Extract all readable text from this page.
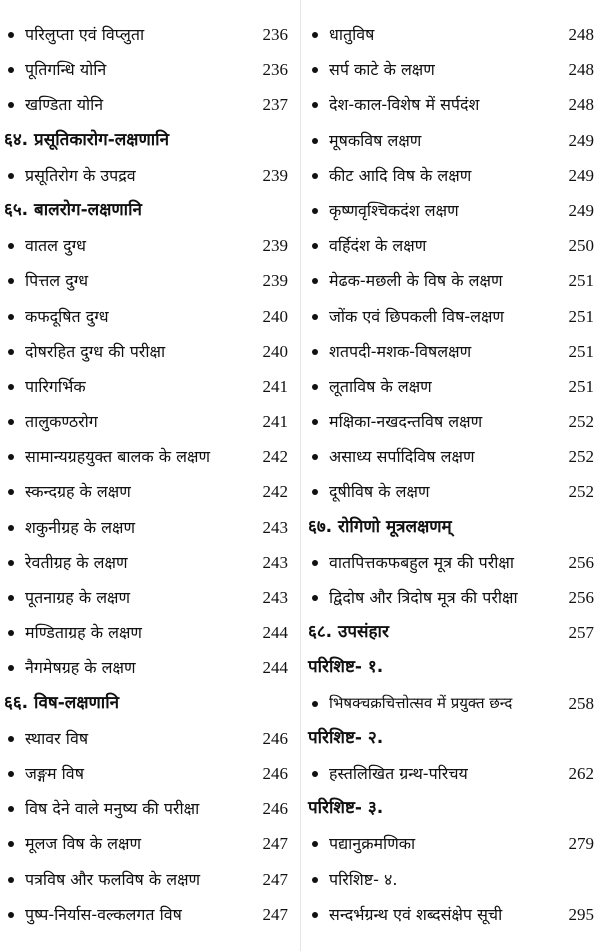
परिलुप्ता एवं विप्लुता	236
पूतिगन्धि योनि	236
खण्डिता योनि	237
६४. प्रसूतिकारोग-लक्षणानि
प्रसूतिरोग के उपद्रव	239
६५. बालरोग-लक्षणानि
वातल दुग्ध	239
पित्तल दुग्ध	239
कफदूषित दुग्ध	240
दोषरहित दुग्ध की परीक्षा	240
पारिगर्भिक	241
तालुकण्ठरोग	241
सामान्यग्रहयुक्त बालक के लक्षण	242
स्कन्दग्रह के लक्षण	242
शकुनीग्रह के लक्षण	243
रेवतीग्रह के लक्षण	243
पूतनाग्रह के लक्षण	243
मण्डिताग्रह के लक्षण	244
नैगमेषग्रह के लक्षण	244
६६. विष-लक्षणानि
स्थावर विष	246
जङ्गम विष	246
विष देने वाले मनुष्य की परीक्षा	246
मूलज विष के लक्षण	247
पत्रविष और फलविष के लक्षण	247
पुष्प-निर्यास-वल्कलगत विष	247
धातुविष	248
सर्प काटे के लक्षण	248
देश-काल-विशेष में सर्पदंश	248
मूषकविष लक्षण	249
कीट आदि विष के लक्षण	249
कृष्णवृश्चिकदंश लक्षण	249
वर्हिदंश के लक्षण	250
मेढक-मछली के विष के लक्षण	251
जोंक एवं छिपकली विष-लक्षण	251
शतपदी-मशक-विषलक्षण	251
लूताविष के लक्षण	251
मक्षिका-नखदन्तविष लक्षण	252
असाध्य सर्पादिविष लक्षण	252
दूषीविष के लक्षण	252
६७. रोगिणो मूत्रलक्षणम्
वातपित्तकफबहुल मूत्र की परीक्षा	256
द्विदोष और त्रिदोष मूत्र की परीक्षा	256
६८. उपसंहार	257
परिशिष्ट- १.
भिषक्चक्रचित्तोत्सव में प्रयुक्त छन्द	258
परिशिष्ट- २.
हस्तलिखित ग्रन्थ-परिचय	262
परिशिष्ट- ३.
पद्यानुक्रमणिका	279
परिशिष्ट- ४.
सन्दर्भग्रन्थ एवं शब्दसंक्षेप सूची	295
